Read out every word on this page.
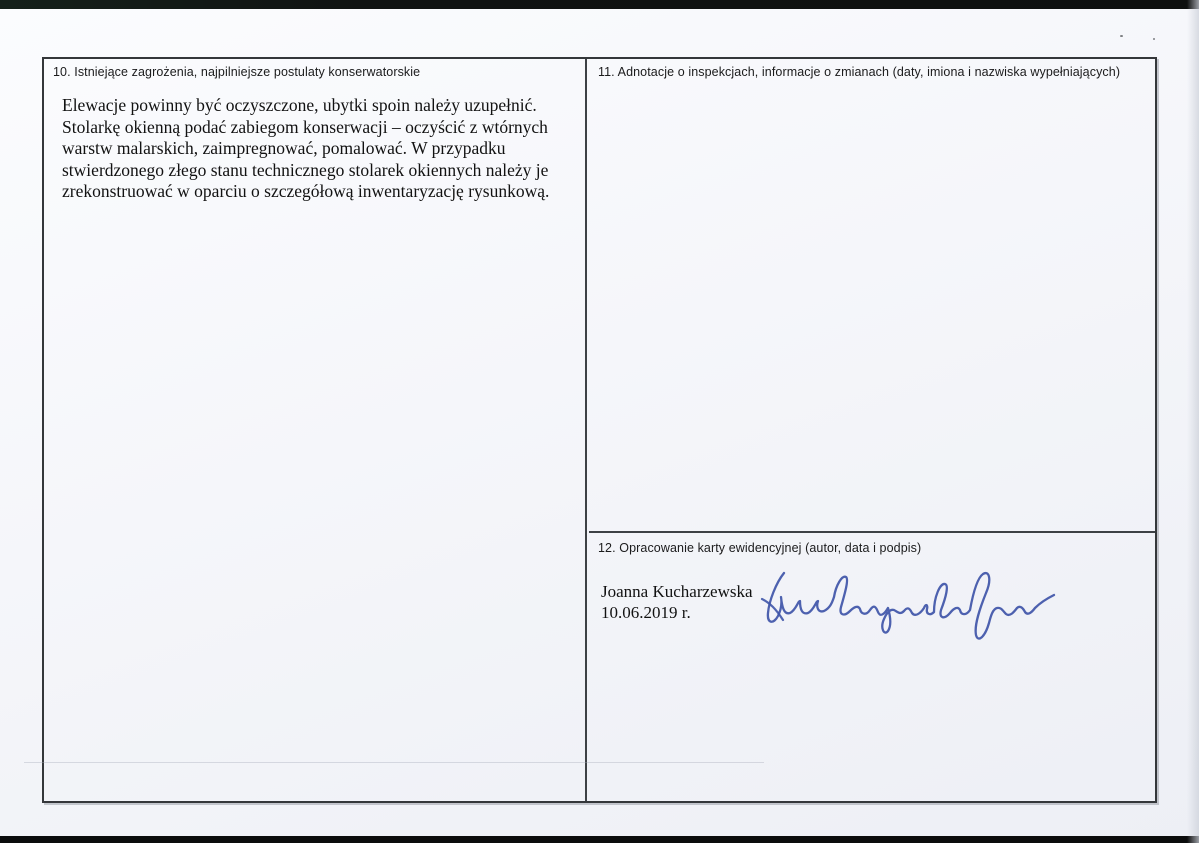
10. Istniejące zagrożenia, najpilniejsze postulaty konserwatorskie
Elewacje powinny być oczyszczone, ubytki spoin należy uzupełnić.
Stolarkę okienną podać zabiegom konserwacji – oczyścić z wtórnych
warstw malarskich, zaimpregnować, pomalować. W przypadku
stwierdzonego złego stanu technicznego stolarek okiennych należy je
zrekonstruować w oparciu o szczegółową inwentaryzację rysunkową.
11. Adnotacje o inspekcjach, informacje o zmianach (daty, imiona i nazwiska wypełniających)
12. Opracowanie karty ewidencyjnej (autor, data i podpis)
Joanna Kucharzewska
10.06.2019 r.
